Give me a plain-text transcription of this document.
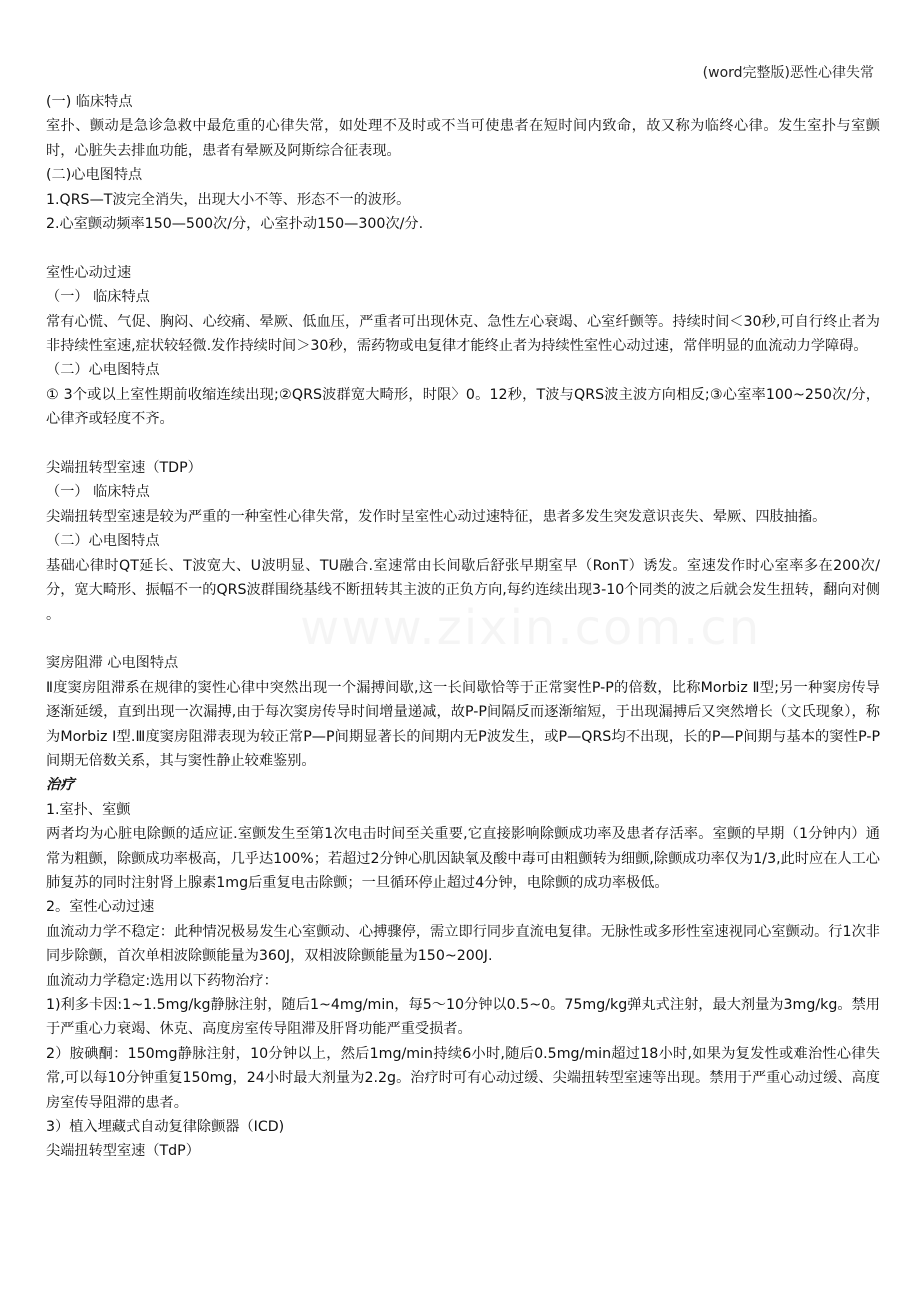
(word完整版)恶性心律失常

(一) 临床特点

室扑、颤动是急诊急救中最危重的心律失常，如处理不及时或不当可使患者在短时间内致命，故又称为临终心律。发生室扑与室颤时，心脏失去排血功能，患者有晕厥及阿斯综合征表现。

(二)心电图特点

1.QRS—T波完全消失，出现大小不等、形态不一的波形。

2.心室颤动频率150—500次/分，心室扑动150—300次/分.

室性心动过速

（一） 临床特点

常有心慌、气促、胸闷、心绞痛、晕厥、低血压，严重者可出现休克、急性左心衰竭、心室纤颤等。持续时间＜30秒,可自行终止者为非持续性室速,症状较轻微.发作持续时间＞30秒，需药物或电复律才能终止者为持续性室性心动过速，常伴明显的血流动力学障碍。

（二）心电图特点

① 3个或以上室性期前收缩连续出现;②QRS波群宽大畸形，时限〉0。12秒，T波与QRS波主波方向相反;③心室率100~250次/分，心律齐或轻度不齐。

尖端扭转型室速（TDP）

（一） 临床特点

尖端扭转型室速是较为严重的一种室性心律失常，发作时呈室性心动过速特征，患者多发生突发意识丧失、晕厥、四肢抽搐。

（二）心电图特点

基础心律时QT延长、T波宽大、U波明显、TU融合.室速常由长间歇后舒张早期室早（RonT）诱发。室速发作时心室率多在200次/分，宽大畸形、振幅不一的QRS波群围绕基线不断扭转其主波的正负方向,每约连续出现3-10个同类的波之后就会发生扭转，翻向对侧 。

窦房阻滞 心电图特点

Ⅱ度窦房阻滞系在规律的窦性心律中突然出现一个漏搏间歇,这一长间歇恰等于正常窦性P-P的倍数，比称Morbiz Ⅱ型;另一种窦房传导逐渐延缓，直到出现一次漏搏,由于每次窦房传导时间增量递减，故P-P间隔反而逐渐缩短，于出现漏搏后又突然增长（文氏现象），称为Morbiz Ⅰ型.Ⅲ度窦房阻滞表现为较正常P—P间期显著长的间期内无P波发生，或P—QRS均不出现，长的P—P间期与基本的窦性P-P间期无倍数关系，其与窦性静止较难鉴别。

治疗

1.室扑、室颤

两者均为心脏电除颤的适应证.室颤发生至第1次电击时间至关重要,它直接影响除颤成功率及患者存活率。室颤的早期（1分钟内）通常为粗颤，除颤成功率极高，几乎达100%；若超过2分钟心肌因缺氧及酸中毒可由粗颤转为细颤,除颤成功率仅为1/3,此时应在人工心肺复苏的同时注射肾上腺素1mg后重复电击除颤；一旦循环停止超过4分钟，电除颤的成功率极低。

2。室性心动过速

血流动力学不稳定：此种情况极易发生心室颤动、心搏骤停，需立即行同步直流电复律。无脉性或多形性室速视同心室颤动。行1次非同步除颤，首次单相波除颤能量为360J，双相波除颤能量为150~200J.

血流动力学稳定:选用以下药物治疗：

1)利多卡因:1~1.5mg/kg静脉注射，随后1~4mg/min，每5～10分钟以0.5~0。75mg/kg弹丸式注射，最大剂量为3mg/kg。禁用于严重心力衰竭、休克、高度房室传导阻滞及肝肾功能严重受损者。

2）胺碘酮：150mg静脉注射，10分钟以上，然后1mg/min持续6小时,随后0.5mg/min超过18小时,如果为复发性或难治性心律失常,可以每10分钟重复150mg，24小时最大剂量为2.2g。治疗时可有心动过缓、尖端扭转型室速等出现。禁用于严重心动过缓、高度房室传导阻滞的患者。

3）植入埋藏式自动复律除颤器（ICD)

尖端扭转型室速（TdP）
